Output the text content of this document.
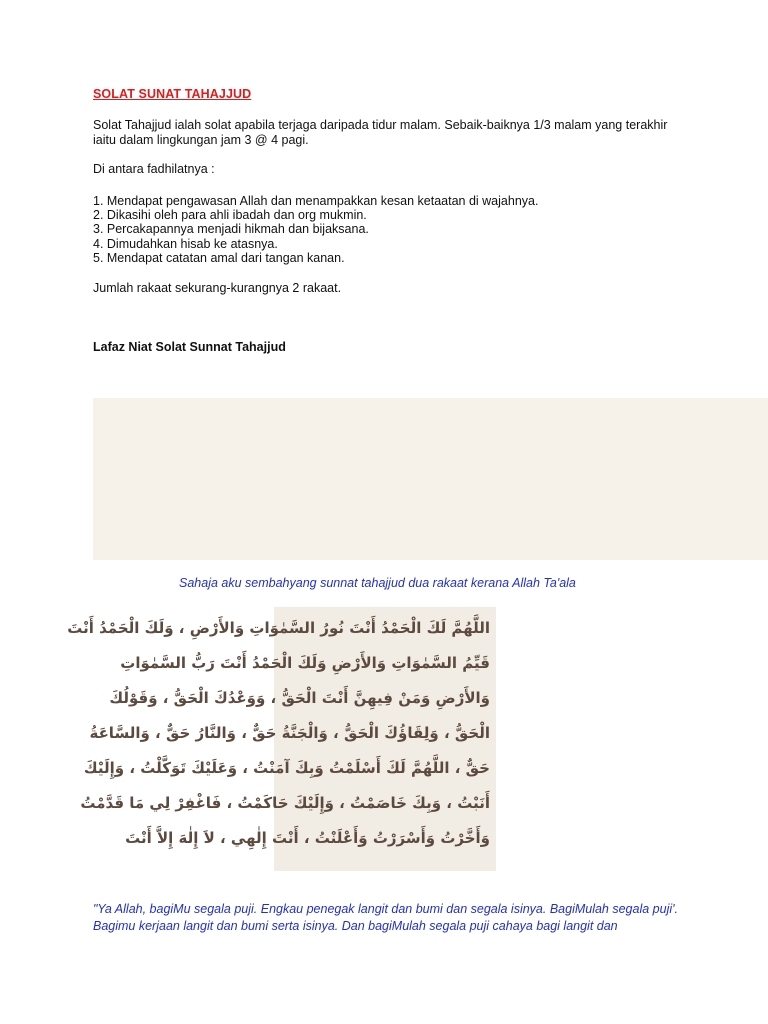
SOLAT SUNAT TAHAJJUD

Solat Tahajjud ialah solat apabila terjaga daripada tidur malam. Sebaik-baiknya 1/3 malam yang terakhir iaitu dalam lingkungan jam 3 @ 4 pagi.

Di antara fadhilatnya :

1. Mendapat pengawasan Allah dan menampakkan kesan ketaatan di wajahnya.
2. Dikasihi oleh para ahli ibadah dan org mukmin.
3. Percakapannya menjadi hikmah dan bijaksana.
4. Dimudahkan hisab ke atasnya.
5. Mendapat catatan amal dari tangan kanan.

Jumlah rakaat sekurang-kurangnya 2 rakaat.

Lafaz Niat Solat Sunnat Tahajjud

Sahaja aku sembahyang sunnat tahajjud dua rakaat kerana Allah Ta'ala

اللَّهُمَّ لَكَ الْحَمْدُ أَنْتَ نُورُ السَّمٰوَاتِ وَالأَرْضِ ، وَلَكَ الْحَمْدُ أَنْتَ
قَيِّمُ السَّمٰوَاتِ وَالأَرْضِ وَلَكَ الْحَمْدُ أَنْتَ رَبُّ السَّمٰوَاتِ
وَالأَرْضِ وَمَنْ فِيهِنَّ أَنْتَ الْحَقُّ ، وَوَعْدُكَ الْحَقُّ ، وَقَوْلُكَ
الْحَقُّ ، وَلِقَاؤُكَ الْحَقُّ ، وَالْجَنَّةُ حَقٌّ ، وَالنَّارُ حَقٌّ ، وَالسَّاعَةُ
حَقٌّ ، اللَّهُمَّ لَكَ أَسْلَمْتُ وَبِكَ آمَنْتُ ، وَعَلَيْكَ تَوَكَّلْتُ ، وَإِلَيْكَ
أَنَبْتُ ، وَبِكَ خَاصَمْتُ ، وَإِلَيْكَ حَاكَمْتُ ، فَاغْفِرْ لِي مَا قَدَّمْتُ
وَأَخَّرْتُ وَأَسْرَرْتُ وَأَعْلَنْتُ ، أَنْتَ إِلٰهِي ، لاَ إِلٰهَ إِلاَّ أَنْتَ

"Ya Allah, bagiMu segala puji. Engkau penegak langit dan bumi dan segala isinya. BagiMulah segala puji'. Bagimu kerjaan langit dan bumi serta isinya. Dan bagiMulah segala puji cahaya bagi langit dan
